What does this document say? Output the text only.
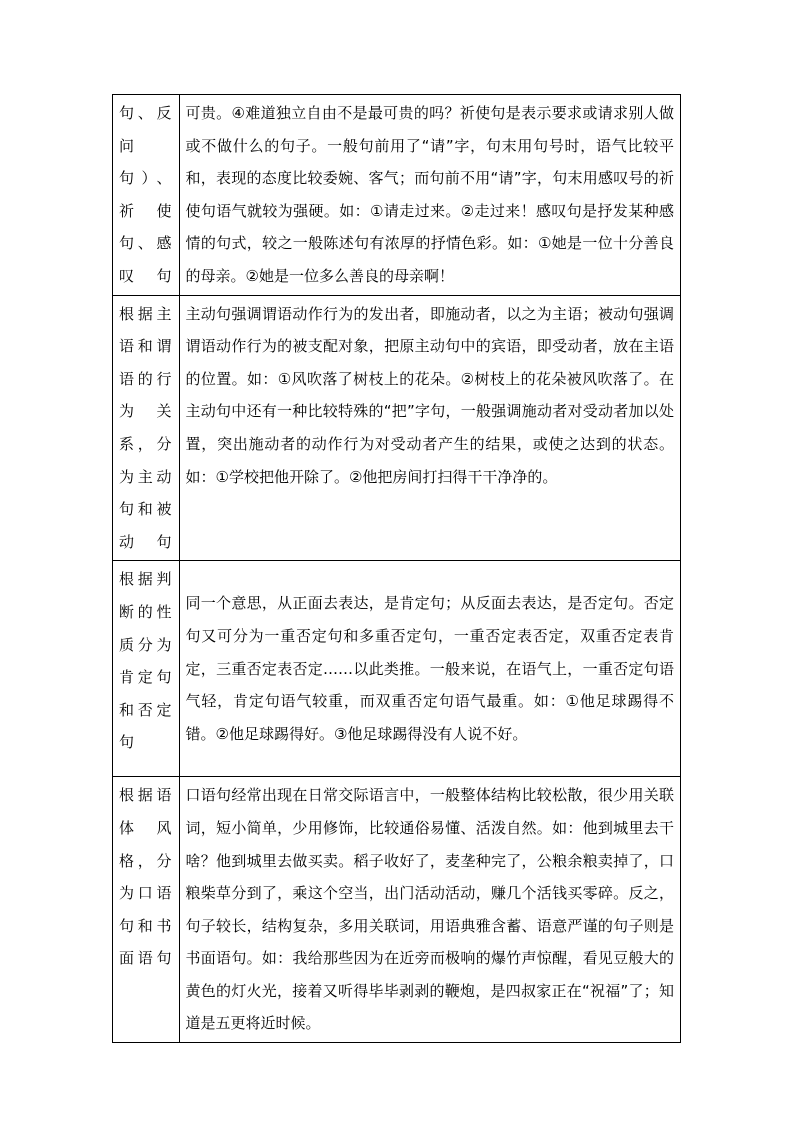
句、反问句）、祈使句、感叹句	可贵。④难道独立自由不是最可贵的吗？祈使句是表示要求或请求别人做或不做什么的句子。一般句前用了“请”字，句末用句号时，语气比较平和，表现的态度比较委婉、客气；而句前不用“请”字，句末用感叹号的祈使句语气就较为强硬。如：①请走过来。②走过来！感叹句是抒发某种感情的句式，较之一般陈述句有浓厚的抒情色彩。如：①她是一位十分善良的母亲。②她是一位多么善良的母亲啊！
根据主语和谓语的行为关系，分为主动句和被动句	主动句强调谓语动作行为的发出者，即施动者，以之为主语；被动句强调谓语动作行为的被支配对象，把原主动句中的宾语，即受动者，放在主语的位置。如：①风吹落了树枝上的花朵。②树枝上的花朵被风吹落了。在主动句中还有一种比较特殊的“把”字句，一般强调施动者对受动者加以处置，突出施动者的动作行为对受动者产生的结果，或使之达到的状态。如：①学校把他开除了。②他把房间打扫得干干净净的。
根据判断的性质分为肯定句和否定句	同一个意思，从正面去表达，是肯定句；从反面去表达，是否定句。否定句又可分为一重否定句和多重否定句，一重否定表否定，双重否定表肯定，三重否定表否定……以此类推。一般来说，在语气上，一重否定句语气轻，肯定句语气较重，而双重否定句语气最重。如：①他足球踢得不错。②他足球踢得好。③他足球踢得没有人说不好。
根据语体风格，分为口语句和书面语句	口语句经常出现在日常交际语言中，一般整体结构比较松散，很少用关联词，短小简单，少用修饰，比较通俗易懂、活泼自然。如：他到城里去干啥？他到城里去做买卖。稻子收好了，麦垄种完了，公粮余粮卖掉了，口粮柴草分到了，乘这个空当，出门活动活动，赚几个活钱买零碎。反之，句子较长，结构复杂，多用关联词，用语典雅含蓄、语意严谨的句子则是书面语句。如：我给那些因为在近旁而极响的爆竹声惊醒，看见豆般大的黄色的灯火光，接着又听得毕毕剥剥的鞭炮，是四叔家正在“祝福”了；知道是五更将近时候。
